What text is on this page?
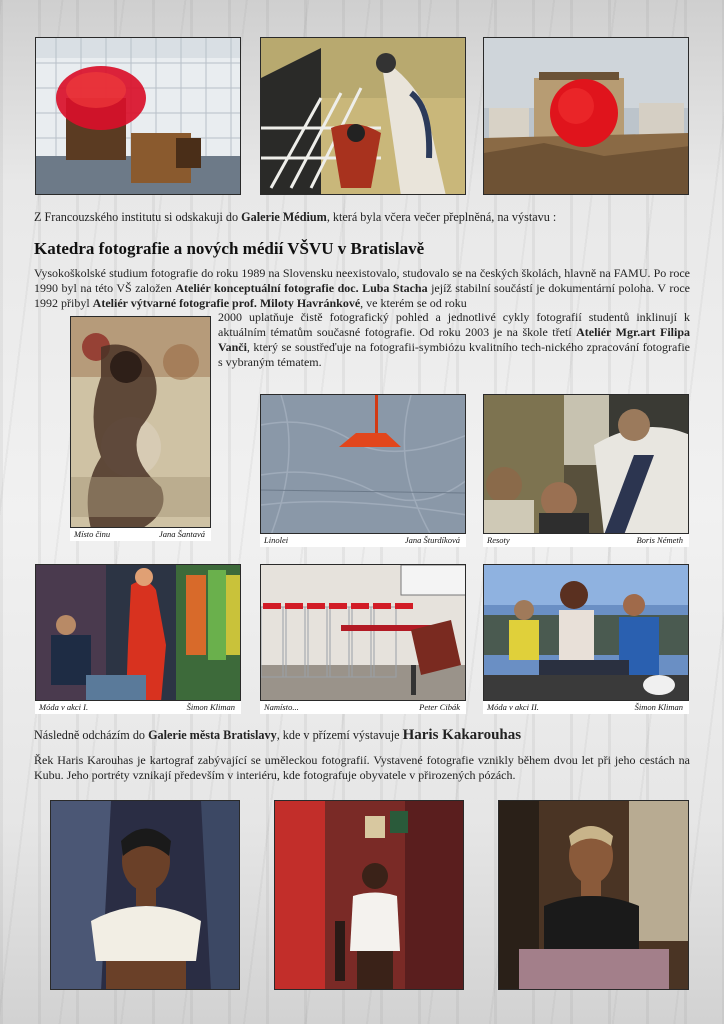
Z Francouzského institutu si odskakuji do Galerie Médium, která byla včera večer přeplněná, na výstavu :
Katedra fotografie a nových médií VŠVU v Bratislavě
Vysokoškolské studium fotografie do roku 1989 na Slovensku neexistovalo, studovalo se na českých školách, hlavně na FAMU. Po roce 1990 byl na této VŠ založen Ateliér konceptuální fotografie doc. Luba Stacha jejíž stabilní součástí je dokumentární poloha. V roce 1992 přibyl Ateliér výtvarné fotografie prof. Miloty Havránkové, ve kterém se od roku
Místo činu	Jana Šantavá
2000 uplatňuje čistě fotografický pohled a jednotlivé cykly fotografií studentů inklinují k aktuálním tématům současné fotografie. Od roku 2003 je na škole třetí Ateliér Mgr.art Filipa Vanči, který se soustřeďuje na fotografii-symbiózu kvalitního tech-nického zpracování fotografie s vybraným tématem.
Linolei	Jana Šturdíková	Resoty	Boris Németh
Móda v akci I.	Šimon Kliman	Namísto...	Peter Cibák	Móda v akci II.	Šimon Kliman
Následně odcházím do Galerie města Bratislavy, kde v přízemí výstavuje Haris Kakarouhas
Řek Haris Karouhas je kartograf zabývající se uměleckou fotografií. Vystavené fotografie vznikly během dvou let při jeho cestách na Kubu. Jeho portréty vznikají především v interiéru, kde fotografuje obyvatele v přirozených pózách.
